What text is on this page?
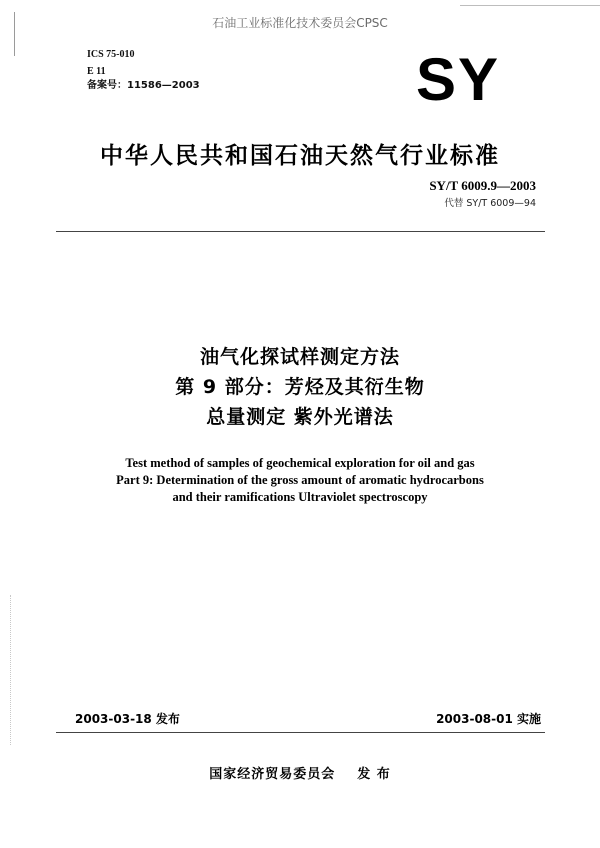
石油工业标准化技术委员会CPSC
ICS 75-010
E 11
备案号：11586—2003	SY
中华人民共和国石油天然气行业标准
SY/T 6009.9—2003
代替 SY/T 6009—94
油气化探试样测定方法
第 9 部分：芳烃及其衍生物
总量测定 紫外光谱法
Test method of samples of geochemical exploration for oil and gas
Part 9: Determination of the gross amount of aromatic hydrocarbons
and their ramifications Ultraviolet spectroscopy
2003-03-18 发布	2003-08-01 实施
国家经济贸易委员会 发 布
